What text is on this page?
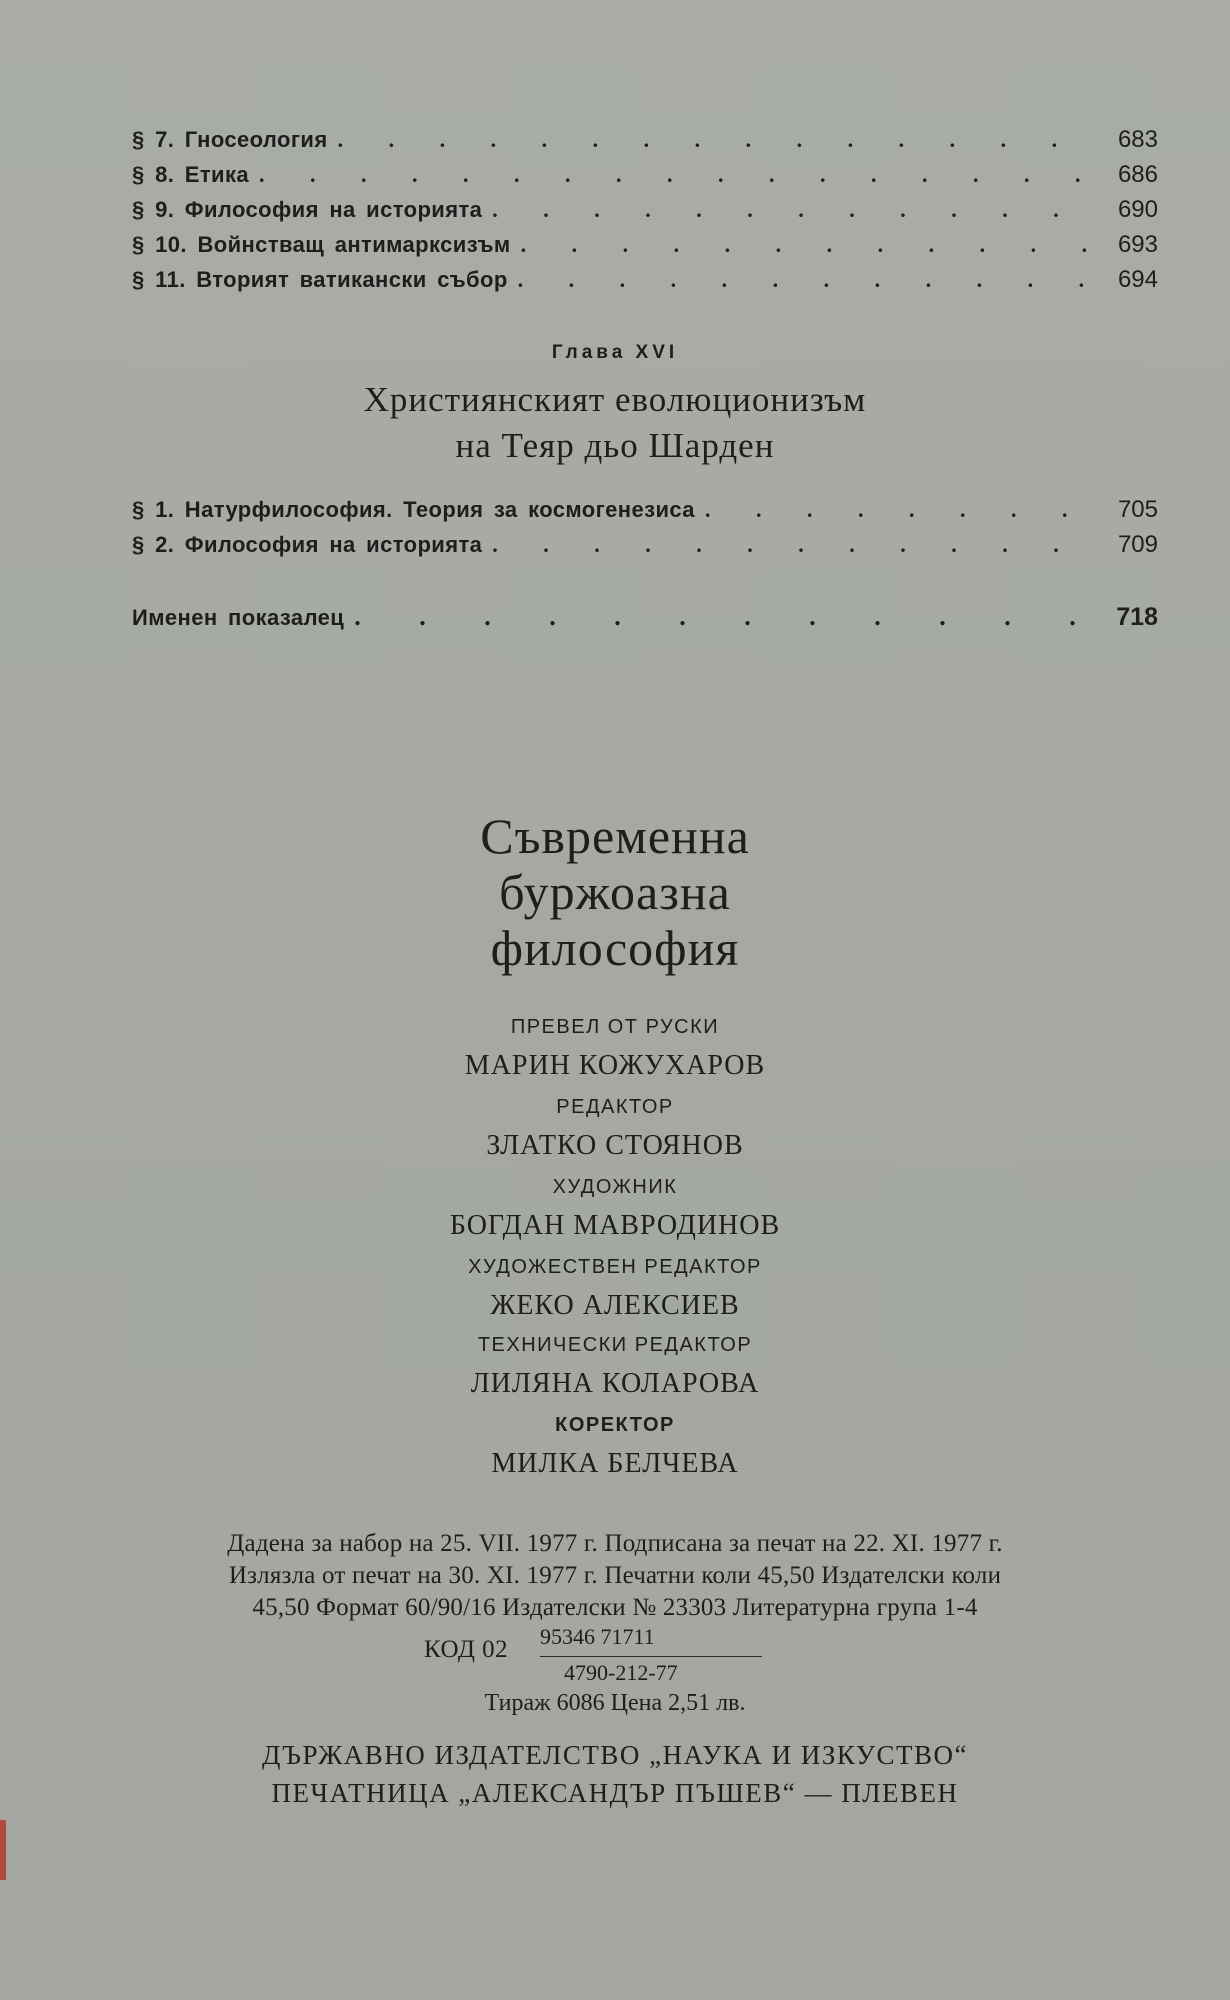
§ 7. Гносеология . . .	683
§ 8. Етика . . .	686
§ 9. Философия на историята . . .	690
§ 10. Войнстващ антимарксизъм . . .	693
§ 11. Вторият ватикански събор . . .	694
Глава XVI
Християнският еволюционизъм
на Теяр дьо Шарден
§ 1. Натурфилософия. Теория за космогенезиса . . .	705
§ 2. Философия на историята . . .	709
Именен показалец . . .	718
Съвременна
буржоазна
философия
ПРЕВЕЛ ОТ РУСКИ
МАРИН КОЖУХАРОВ
РЕДАКТОР
ЗЛАТКО СТОЯНОВ
ХУДОЖНИК
БОГДАН МАВРОДИНОВ
ХУДОЖЕСТВЕН РЕДАКТОР
ЖЕКО АЛЕКСИЕВ
ТЕХНИЧЕСКИ РЕДАКТОР
ЛИЛЯНА КОЛАРОВА
КОРЕКТОР
МИЛКА БЕЛЧЕВА
Дадена за набор на 25. VII. 1977 г. Подписана за печат на 22. XI. 1977 г.
Излязла от печат на 30. XI. 1977 г. Печатни коли 45,50 Издателски коли
45,50 Формат 60/90/16 Издателски № 23303 Литературна група 1-4
КОД 02 95346 71711
4790-212-77
Тираж 6086 Цена 2,51 лв.
ДЪРЖАВНО ИЗДАТЕЛСТВО „НАУКА И ИЗКУСТВО“
ПЕЧАТНИЦА „АЛЕКСАНДЪР ПЪШЕВ“ — ПЛЕВЕН
